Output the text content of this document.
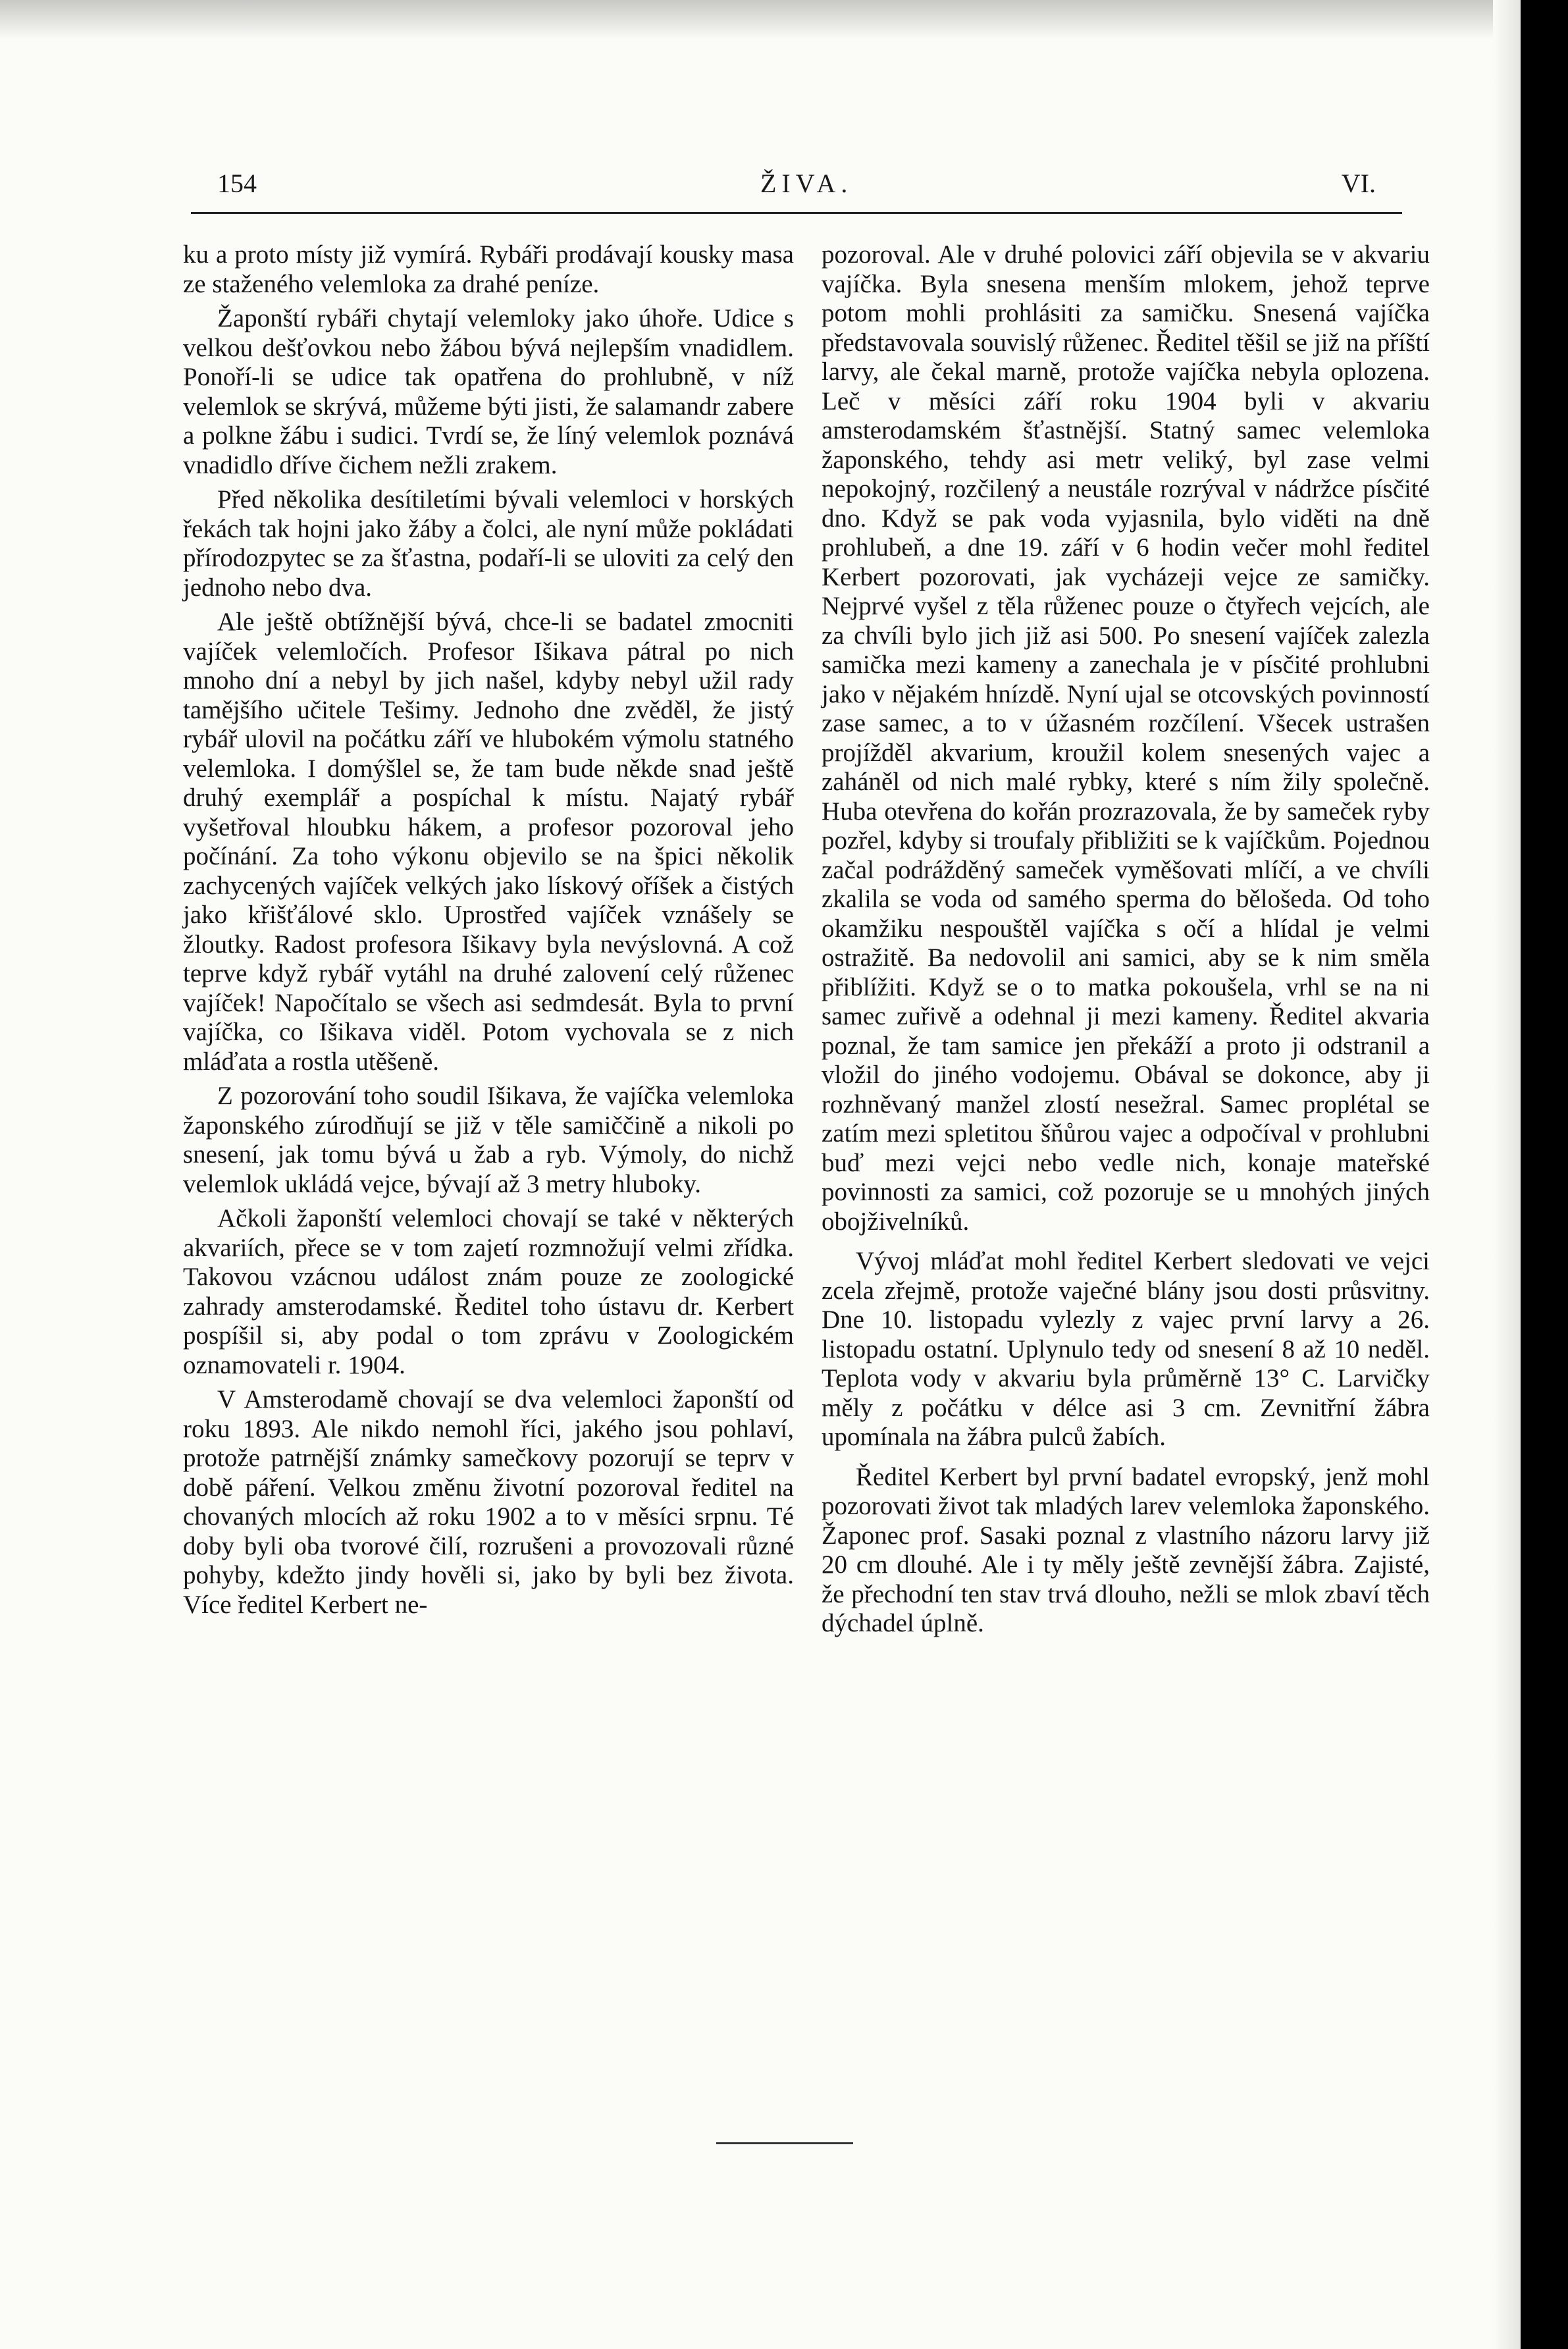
154	ŽIVA.	VI.

ku a proto místy již vymírá. Rybáři prodávají kousky masa ze staženého velemloka za drahé peníze.

Žaponští rybáři chytají velemloky jako úhoře. Udice s velkou dešťovkou nebo žábou bývá nejlepším vnadidlem. Ponoří-li se udice tak opatřena do prohlubně, v níž velemlok se skrývá, můžeme býti jisti, že salamandr zabere a polkne žábu i sudici. Tvrdí se, že líný velemlok poznává vnadidlo dříve čichem nežli zrakem.

Před několika desítiletími bývali velemloci v horských řekách tak hojni jako žáby a čolci, ale nyní může pokládati přírodozpytec se za šťastna, podaří-li se uloviti za celý den jednoho nebo dva.

Ale ještě obtížnější bývá, chce-li se badatel zmocniti vajíček velemločích. Profesor Išikava pátral po nich mnoho dní a nebyl by jich našel, kdyby nebyl užil rady tamějšího učitele Tešimy. Jednoho dne zvěděl, že jistý rybář ulovil na počátku září ve hlubokém výmolu statného velemloka. I domýšlel se, že tam bude někde snad ještě druhý exemplář a pospíchal k místu. Najatý rybář vyšetřoval hloubku hákem, a profesor pozoroval jeho počínání. Za toho výkonu objevilo se na špici několik zachycených vajíček velkých jako lískový oříšek a čistých jako křišťálové sklo. Uprostřed vajíček vznášely se žloutky. Radost profesora Išikavy byla nevýslovná. A což teprve když rybář vytáhl na druhé zalovení celý růženec vajíček! Napočítalo se všech asi sedmdesát. Byla to první vajíčka, co Išikava viděl. Potom vychovala se z nich mláďata a rostla utěšeně.

Z pozorování toho soudil Išikava, že vajíčka velemloka žaponského zúrodňují se již v těle samiččině a nikoli po snesení, jak tomu bývá u žab a ryb. Výmoly, do nichž velemlok ukládá vejce, bývají až 3 metry hluboky.

Ačkoli žaponští velemloci chovají se také v některých akvariích, přece se v tom zajetí rozmnožují velmi zřídka. Takovou vzácnou událost znám pouze ze zoologické zahrady amsterodamské. Ředitel toho ústavu dr. Kerbert pospíšil si, aby podal o tom zprávu v Zoologickém oznamovateli r. 1904.

V Amsterodamě chovají se dva velemloci žaponští od roku 1893. Ale nikdo nemohl říci, jakého jsou pohlaví, protože patrnější známky samečkovy pozorují se teprv v době páření. Velkou změnu životní pozoroval ředitel na chovaných mlocích až roku 1902 a to v měsíci srpnu. Té doby byli oba tvorové čilí, rozrušeni a provozovali různé pohyby, kdežto jindy hověli si, jako by byli bez života. Více ředitel Kerbert ne-

pozoroval. Ale v druhé polovici září objevila se v akvariu vajíčka. Byla snesena menším mlokem, jehož teprve potom mohli prohlásiti za samičku. Snesená vajíčka představovala souvislý růženec. Ředitel těšil se již na příští larvy, ale čekal marně, protože vajíčka nebyla oplozena. Leč v měsíci září roku 1904 byli v akvariu amsterodamském šťastnější. Statný samec velemloka žaponského, tehdy asi metr veliký, byl zase velmi nepokojný, rozčilený a neustále rozrýval v nádržce písčité dno. Když se pak voda vyjasnila, bylo viděti na dně prohlubeň, a dne 19. září v 6 hodin večer mohl ředitel Kerbert pozorovati, jak vycházeji vejce ze samičky. Nejprvé vyšel z těla růženec pouze o čtyřech vejcích, ale za chvíli bylo jich již asi 500. Po snesení vajíček zalezla samička mezi kameny a zanechala je v písčité prohlubni jako v nějakém hnízdě. Nyní ujal se otcovských povinností zase samec, a to v úžasném rozčílení. Všecek ustrašen projížděl akvarium, kroužil kolem snesených vajec a zaháněl od nich malé rybky, které s ním žily společně. Huba otevřena do kořán prozrazovala, že by sameček ryby pozřel, kdyby si troufaly přibližiti se k vajíčkům. Pojednou začal podrážděný sameček vyměšovati mlíčí, a ve chvíli zkalila se voda od samého sperma do bělošeda. Od toho okamžiku nespouštěl vajíčka s očí a hlídal je velmi ostražitě. Ba nedovolil ani samici, aby se k nim směla přiblížiti. Když se o to matka pokoušela, vrhl se na ni samec zuřivě a odehnal ji mezi kameny. Ředitel akvaria poznal, že tam samice jen překáží a proto ji odstranil a vložil do jiného vodojemu. Obával se dokonce, aby ji rozhněvaný manžel zlostí nesežral. Samec proplétal se zatím mezi spletitou šňůrou vajec a odpočíval v prohlubni buď mezi vejci nebo vedle nich, konaje mateřské povinnosti za samici, což pozoruje se u mnohých jiných obojživelníků.

Vývoj mláďat mohl ředitel Kerbert sledovati ve vejci zcela zřejmě, protože vaječné blány jsou dosti průsvitny. Dne 10. listopadu vylezly z vajec první larvy a 26. listopadu ostatní. Uplynulo tedy od snesení 8 až 10 neděl. Teplota vody v akvariu byla průměrně 13° C. Larvičky měly z počátku v délce asi 3 cm. Zevnitřní žábra upomínala na žábra pulců žabích.

Ředitel Kerbert byl první badatel evropský, jenž mohl pozorovati život tak mladých larev velemloka žaponského. Žaponec prof. Sasaki poznal z vlastního názoru larvy již 20 cm dlouhé. Ale i ty měly ještě zevnější žábra. Zajisté, že přechodní ten stav trvá dlouho, nežli se mlok zbaví těch dýchadel úplně.
